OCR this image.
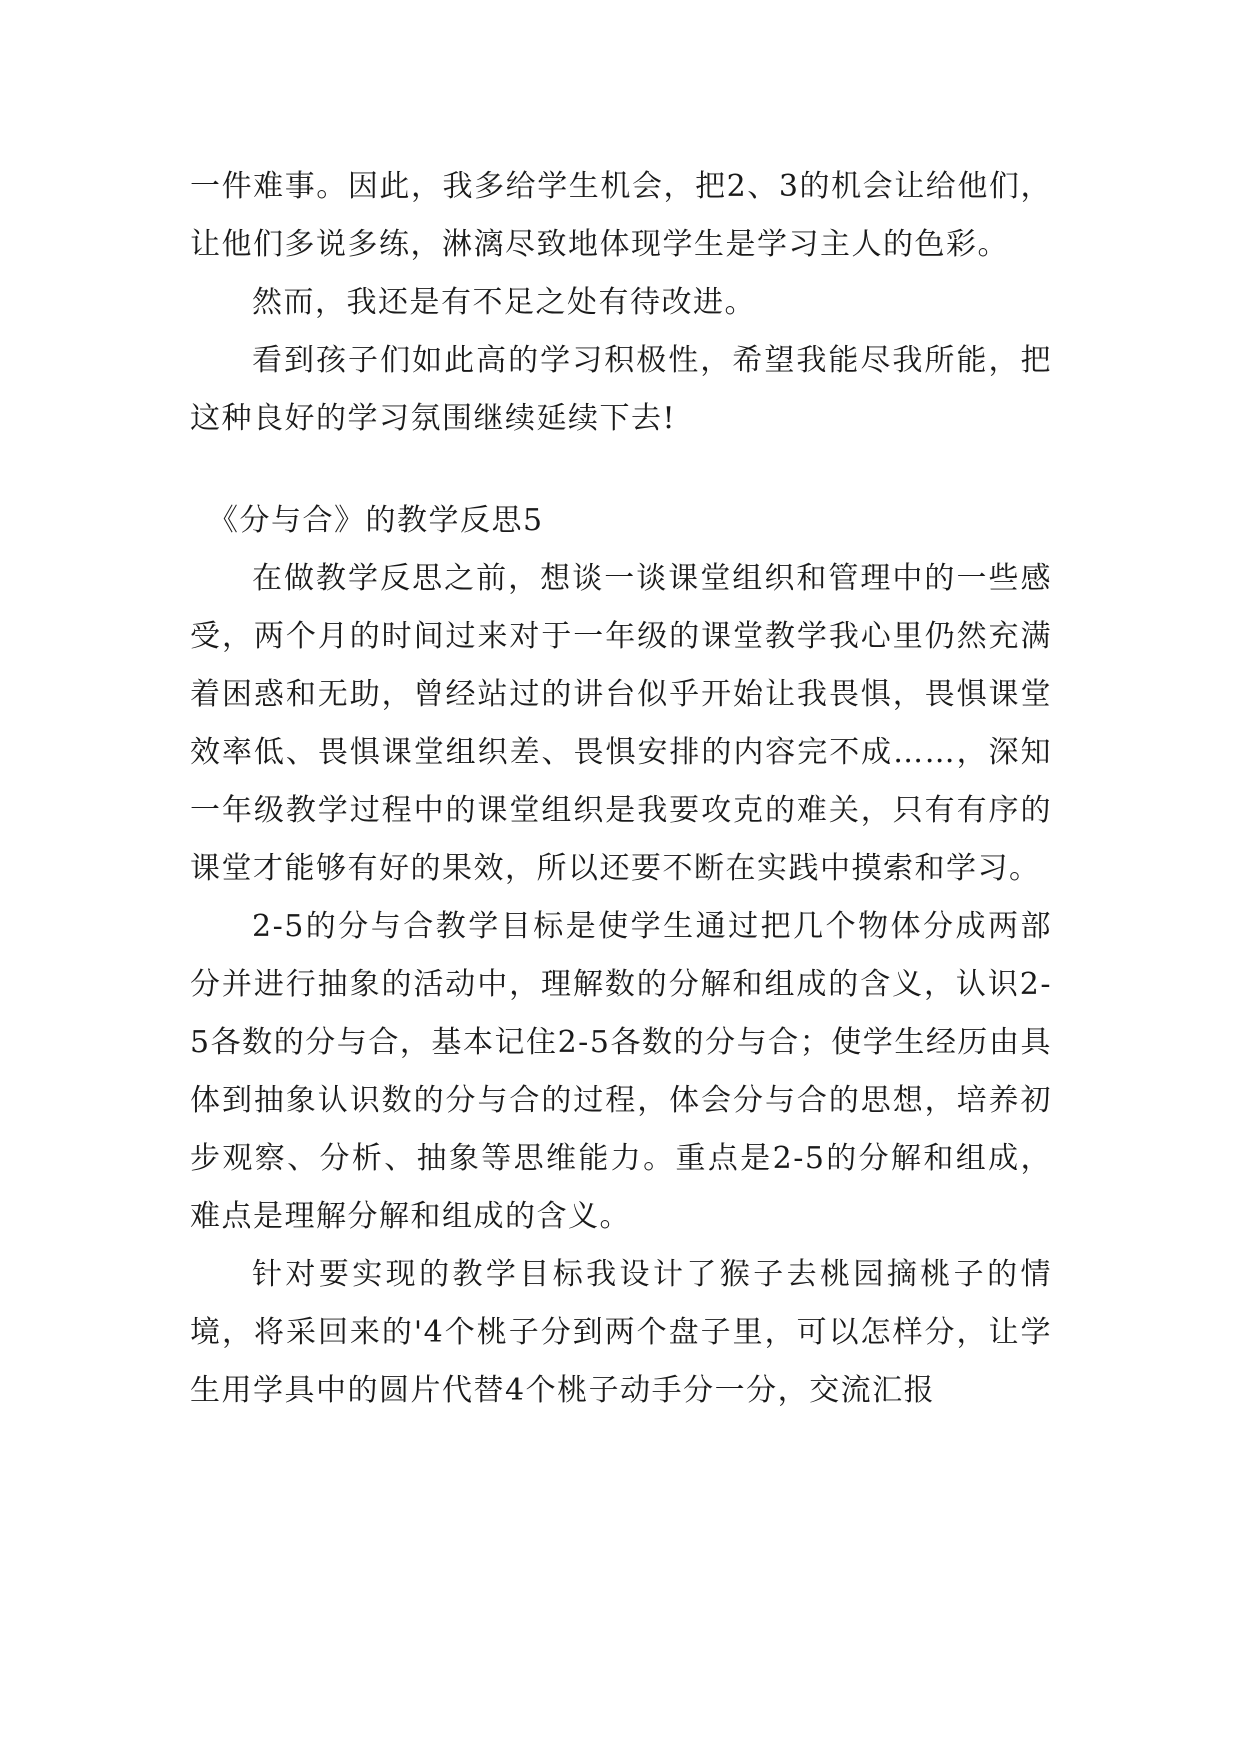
一件难事。因此，我多给学生机会，把2、3的机会让给他们，让他们多说多练，淋漓尽致地体现学生是学习主人的色彩。

然而，我还是有不足之处有待改进。

看到孩子们如此高的学习积极性，希望我能尽我所能，把这种良好的学习氛围继续延续下去!

《分与合》的教学反思5

在做教学反思之前，想谈一谈课堂组织和管理中的一些感受，两个月的时间过来对于一年级的课堂教学我心里仍然充满着困惑和无助，曾经站过的讲台似乎开始让我畏惧，畏惧课堂效率低、畏惧课堂组织差、畏惧安排的内容完不成……，深知一年级教学过程中的课堂组织是我要攻克的难关，只有有序的课堂才能够有好的果效，所以还要不断在实践中摸索和学习。

2-5的分与合教学目标是使学生通过把几个物体分成两部分并进行抽象的活动中，理解数的分解和组成的含义，认识2-5各数的分与合，基本记住2-5各数的分与合；使学生经历由具体到抽象认识数的分与合的过程，体会分与合的思想，培养初步观察、分析、抽象等思维能力。重点是2-5的分解和组成，难点是理解分解和组成的含义。

针对要实现的教学目标我设计了猴子去桃园摘桃子的情境，将采回来的'4个桃子分到两个盘子里，可以怎样分，让学生用学具中的圆片代替4个桃子动手分一分，交流汇报
